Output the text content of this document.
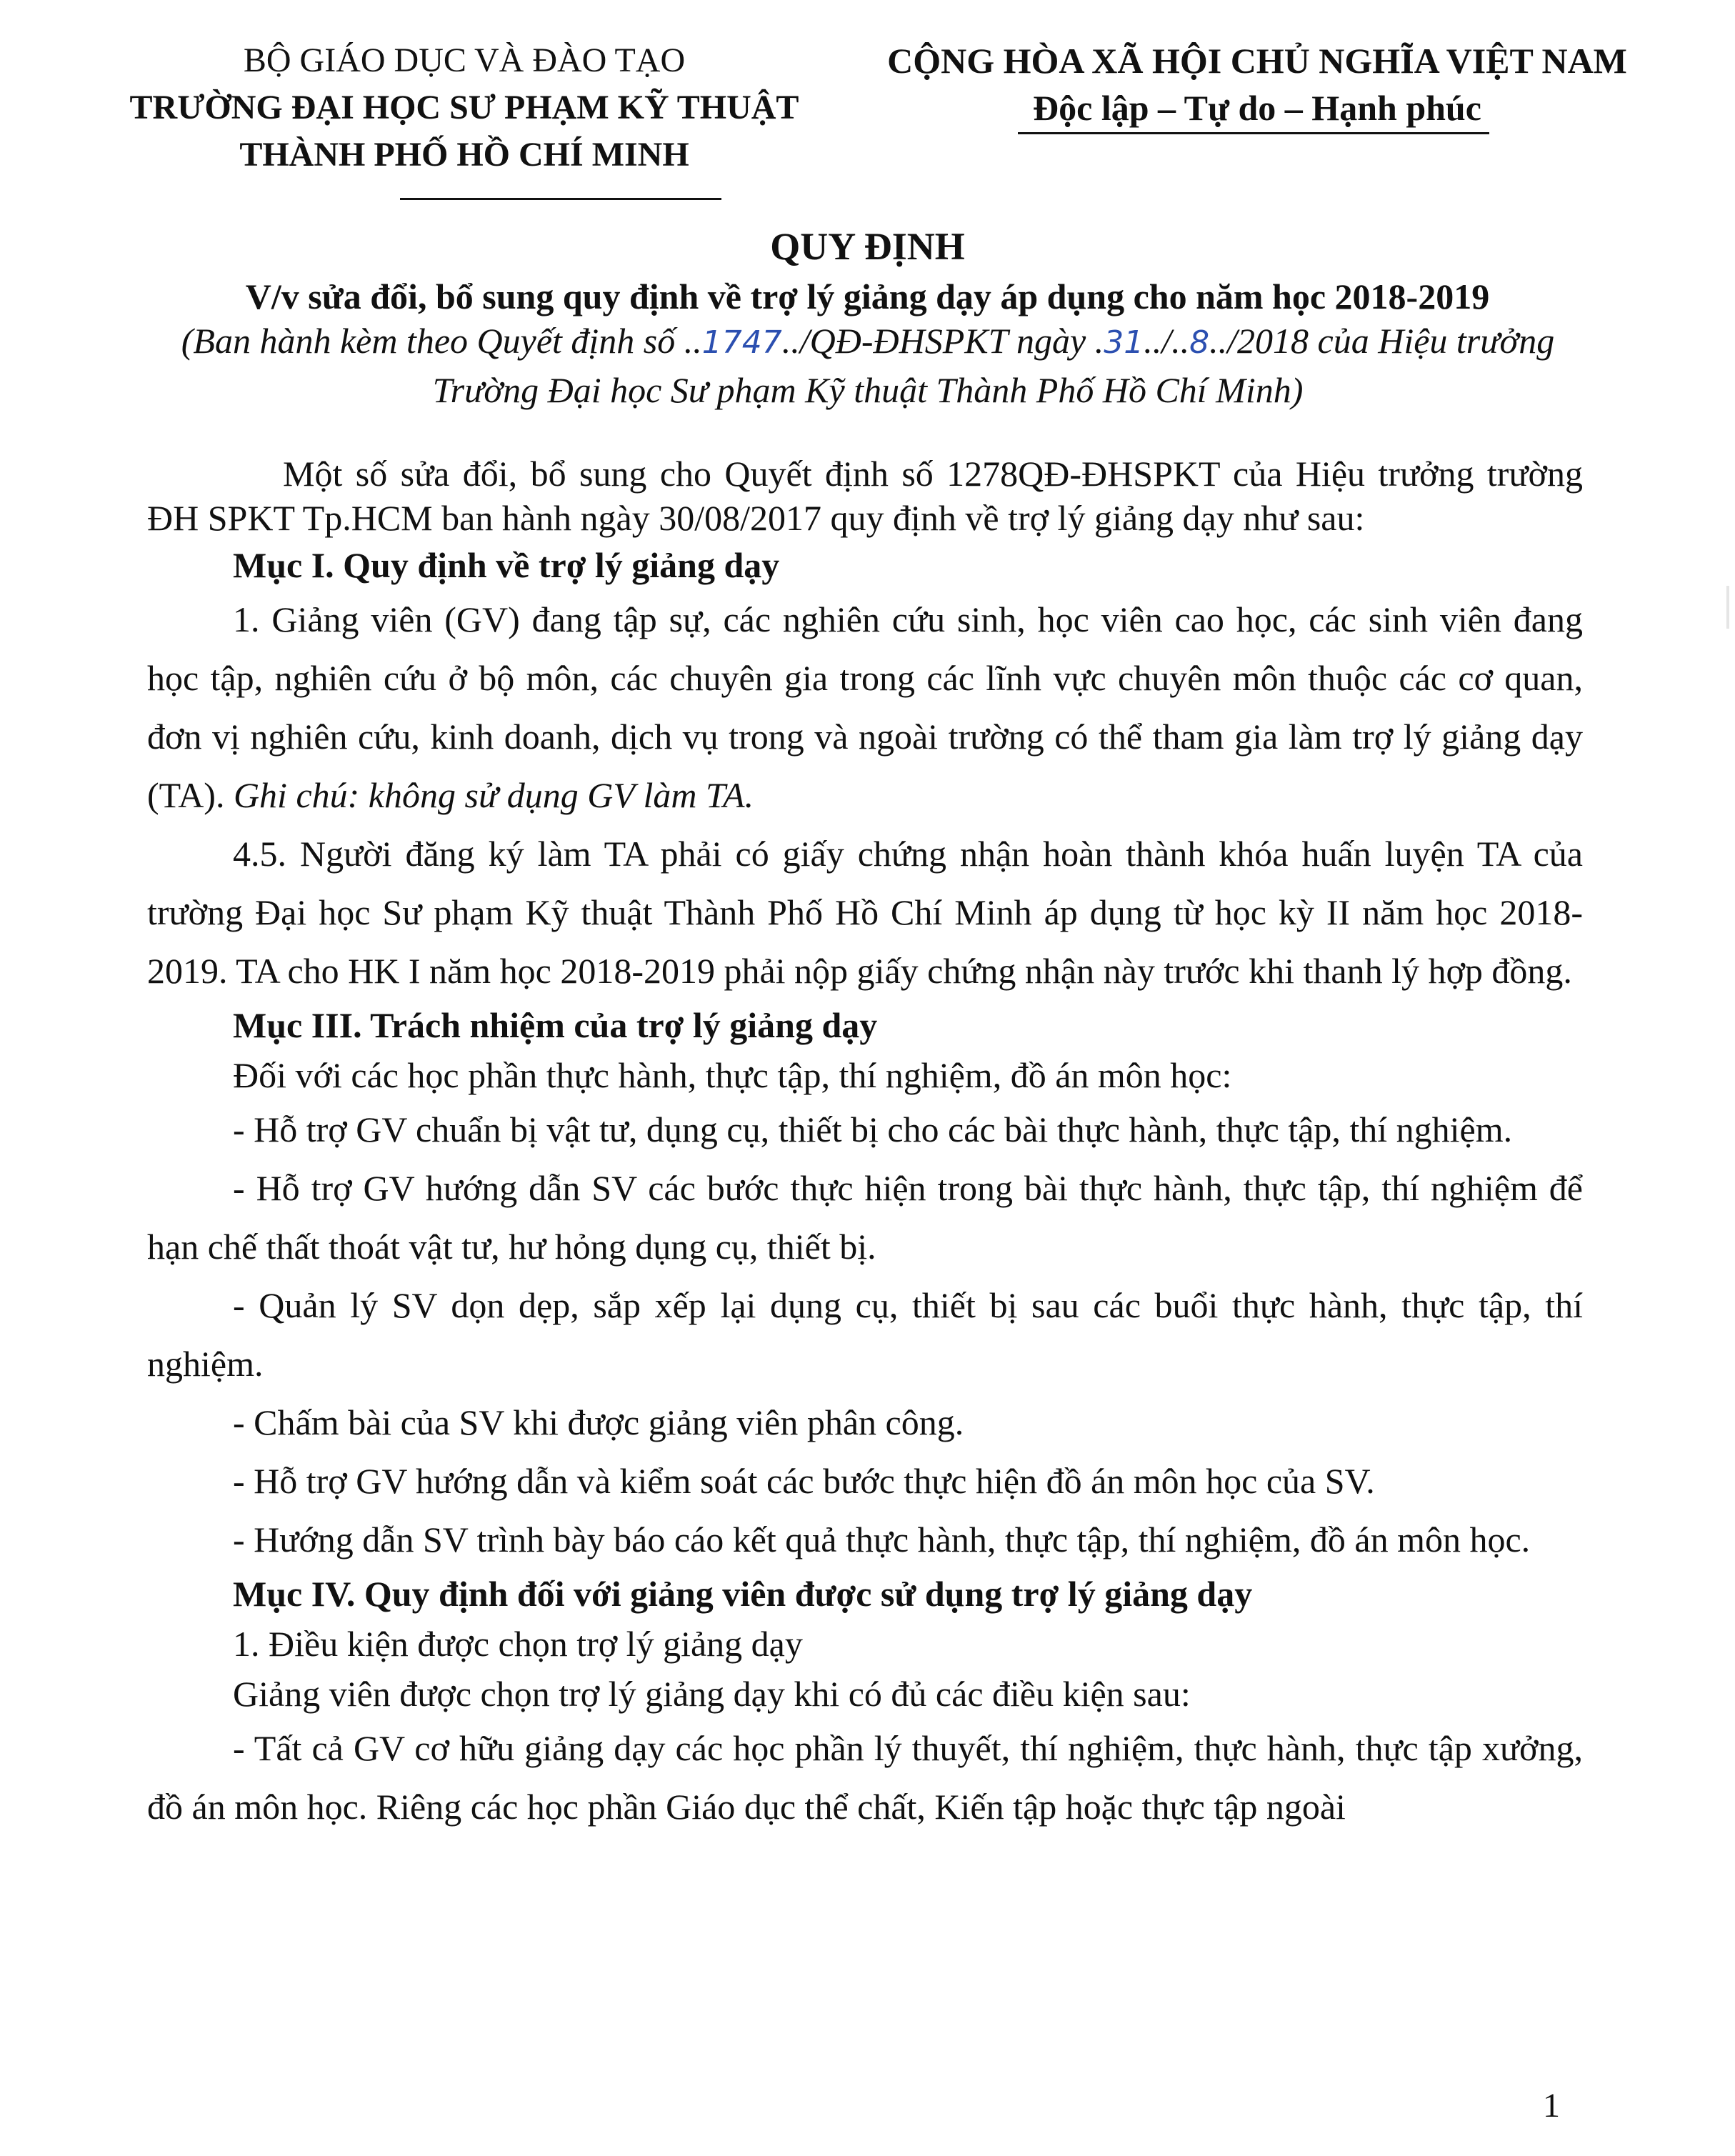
BỘ GIÁO DỤC VÀ ĐÀO TẠO
TRƯỜNG ĐẠI HỌC SƯ PHẠM KỸ THUẬT
THÀNH PHỐ HỒ CHÍ MINH
CỘNG HÒA XÃ HỘI CHỦ NGHĨA VIỆT NAM
Độc lập – Tự do – Hạnh phúc
QUY ĐỊNH
V/v sửa đổi, bổ sung quy định về trợ lý giảng dạy áp dụng cho năm học 2018-2019
(Ban hành kèm theo Quyết định số ..1747../QĐ-ĐHSPKT ngày .31../..8../2018 của Hiệu trưởng Trường Đại học Sư phạm Kỹ thuật Thành Phố Hồ Chí Minh)

Một số sửa đổi, bổ sung cho Quyết định số 1278QĐ-ĐHSPKT của Hiệu trưởng trường ĐH SPKT Tp.HCM ban hành ngày 30/08/2017 quy định về trợ lý giảng dạy như sau:

Mục I. Quy định về trợ lý giảng dạy

1. Giảng viên (GV) đang tập sự, các nghiên cứu sinh, học viên cao học, các sinh viên đang học tập, nghiên cứu ở bộ môn, các chuyên gia trong các lĩnh vực chuyên môn thuộc các cơ quan, đơn vị nghiên cứu, kinh doanh, dịch vụ trong và ngoài trường có thể tham gia làm trợ lý giảng dạy (TA). Ghi chú: không sử dụng GV làm TA.

4.5. Người đăng ký làm TA phải có giấy chứng nhận hoàn thành khóa huấn luyện TA của trường Đại học Sư phạm Kỹ thuật Thành Phố Hồ Chí Minh áp dụng từ học kỳ II năm học 2018-2019. TA cho HK I năm học 2018-2019 phải nộp giấy chứng nhận này trước khi thanh lý hợp đồng.

Mục III. Trách nhiệm của trợ lý giảng dạy

Đối với các học phần thực hành, thực tập, thí nghiệm, đồ án môn học:

- Hỗ trợ GV chuẩn bị vật tư, dụng cụ, thiết bị cho các bài thực hành, thực tập, thí nghiệm.

- Hỗ trợ GV hướng dẫn SV các bước thực hiện trong bài thực hành, thực tập, thí nghiệm để hạn chế thất thoát vật tư, hư hỏng dụng cụ, thiết bị.

- Quản lý SV dọn dẹp, sắp xếp lại dụng cụ, thiết bị sau các buổi thực hành, thực tập, thí nghiệm.

- Chấm bài của SV khi được giảng viên phân công.

- Hỗ trợ GV hướng dẫn và kiểm soát các bước thực hiện đồ án môn học của SV.

- Hướng dẫn SV trình bày báo cáo kết quả thực hành, thực tập, thí nghiệm, đồ án môn học.

Mục IV. Quy định đối với giảng viên được sử dụng trợ lý giảng dạy

1. Điều kiện được chọn trợ lý giảng dạy

Giảng viên được chọn trợ lý giảng dạy khi có đủ các điều kiện sau:

- Tất cả GV cơ hữu giảng dạy các học phần lý thuyết, thí nghiệm, thực hành, thực tập xưởng, đồ án môn học. Riêng các học phần Giáo dục thể chất, Kiến tập hoặc thực tập ngoài

1
